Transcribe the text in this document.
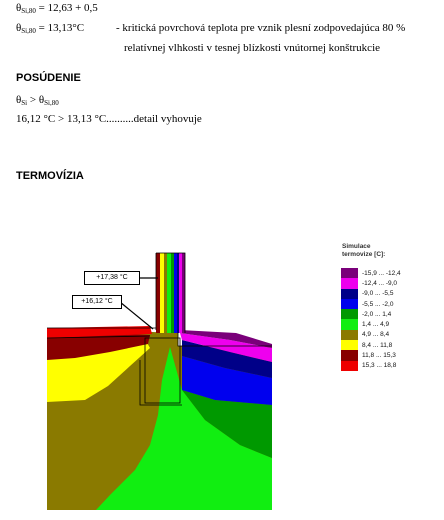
$\theta_{Si,80} = 12,63 + 0,5$
$\theta_{Si,80} = 13,13^\circ C$	- kritická povrchová teplota pre vznik plesní zodpovedajúca 80 %
relatívnej vlhkosti v tesnej blízkosti vnútornej konštrukcie
POSÚDENIE
$\theta_{Si} > \theta_{Si,80}$
16,12 °C > 13,13 °C..........detail vyhovuje
TERMOVÍZIA
+17,38 °C
+16,12 °C
Simulace
termovize [C]:
-15,9 ... -12,4
-12,4 ... -9,0
-9,0 ... -5,5
-5,5 ... -2,0
-2,0 ... 1,4
1,4 ... 4,9
4,9 ... 8,4
8,4 ... 11,8
11,8 ... 15,3
15,3 ... 18,8
